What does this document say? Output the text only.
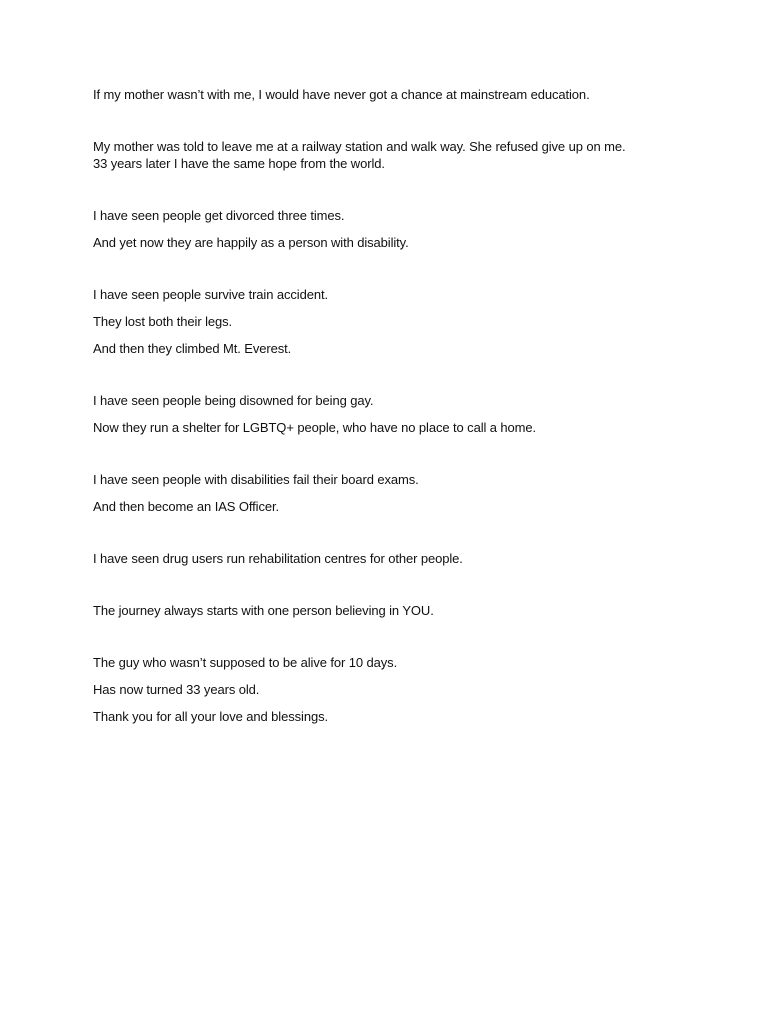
If my mother wasn’t with me, I would have never got a chance at mainstream education.
My mother was told to leave me at a railway station and walk way. She refused give up on me.
33 years later I have the same hope from the world.
I have seen people get divorced three times.
And yet now they are happily as a person with disability.
I have seen people survive train accident.
They lost both their legs.
And then they climbed Mt. Everest.
I have seen people being disowned for being gay.
Now they run a shelter for LGBTQ+ people, who have no place to call a home.
I have seen people with disabilities fail their board exams.
And then become an IAS Officer.
I have seen drug users run rehabilitation centres for other people.
The journey always starts with one person believing in YOU.
The guy who wasn’t supposed to be alive for 10 days.
Has now turned 33 years old.
Thank you for all your love and blessings.
